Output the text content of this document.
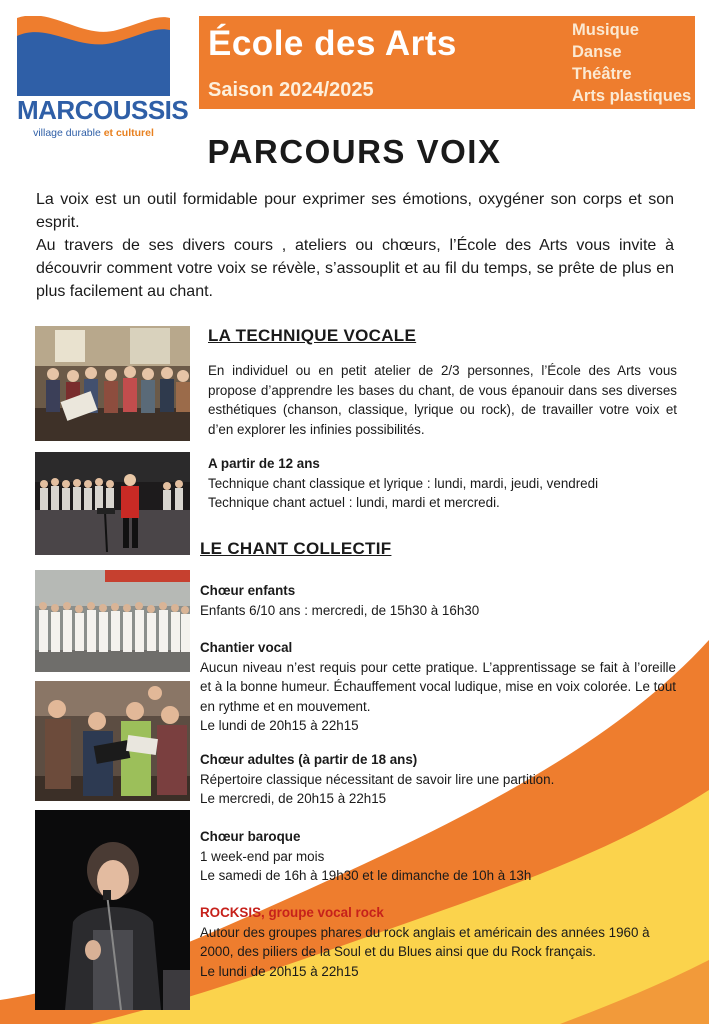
MARCOUSSIS
village durable et culturel
École des Arts
Saison 2024/2025
Musique
Danse
Théâtre
Arts plastiques
PARCOURS VOIX

La voix est un outil formidable pour exprimer ses émotions, oxygéner son corps et son esprit.

Au travers de ses divers cours , ateliers ou chœurs, l’École des Arts vous invite à découvrir comment votre voix se révèle, s’assouplit et au fil du temps, se prête de plus en plus facilement au chant.

LA TECHNIQUE VOCALE

En individuel ou en petit atelier de 2/3 personnes, l’École des Arts vous propose d’apprendre les bases du chant, de vous épanouir dans ses diverses esthétiques (chanson, classique, lyrique ou rock), de travailler votre voix et d’en explorer les infinies possibilités.

A partir de 12 ans
Technique chant classique et lyrique : lundi, mardi, jeudi, vendredi
Technique chant actuel : lundi, mardi et mercredi.
LE CHANT COLLECTIF
Chœur enfants
Enfants 6/10 ans : mercredi, de 15h30 à 16h30
Chantier vocal
Aucun niveau n’est requis pour cette pratique. L’apprentissage se fait à l’oreille et à la bonne humeur. Échauffement vocal ludique, mise en voix colorée. Le tout en rythme et en mouvement.
Le lundi de 20h15 à 22h15
Chœur adultes (à partir de 18 ans)
Répertoire classique nécessitant de savoir lire une partition.
Le mercredi, de 20h15 à 22h15
Chœur baroque
1 week-end par mois
Le samedi de 16h à 19h30 et le dimanche de 10h à 13h
ROCKSIS, groupe vocal rock
Autour des groupes phares du rock anglais et américain des années 1960 à 2000, des piliers de la Soul et du Blues ainsi que du Rock français.
Le lundi de 20h15 à 22h15
